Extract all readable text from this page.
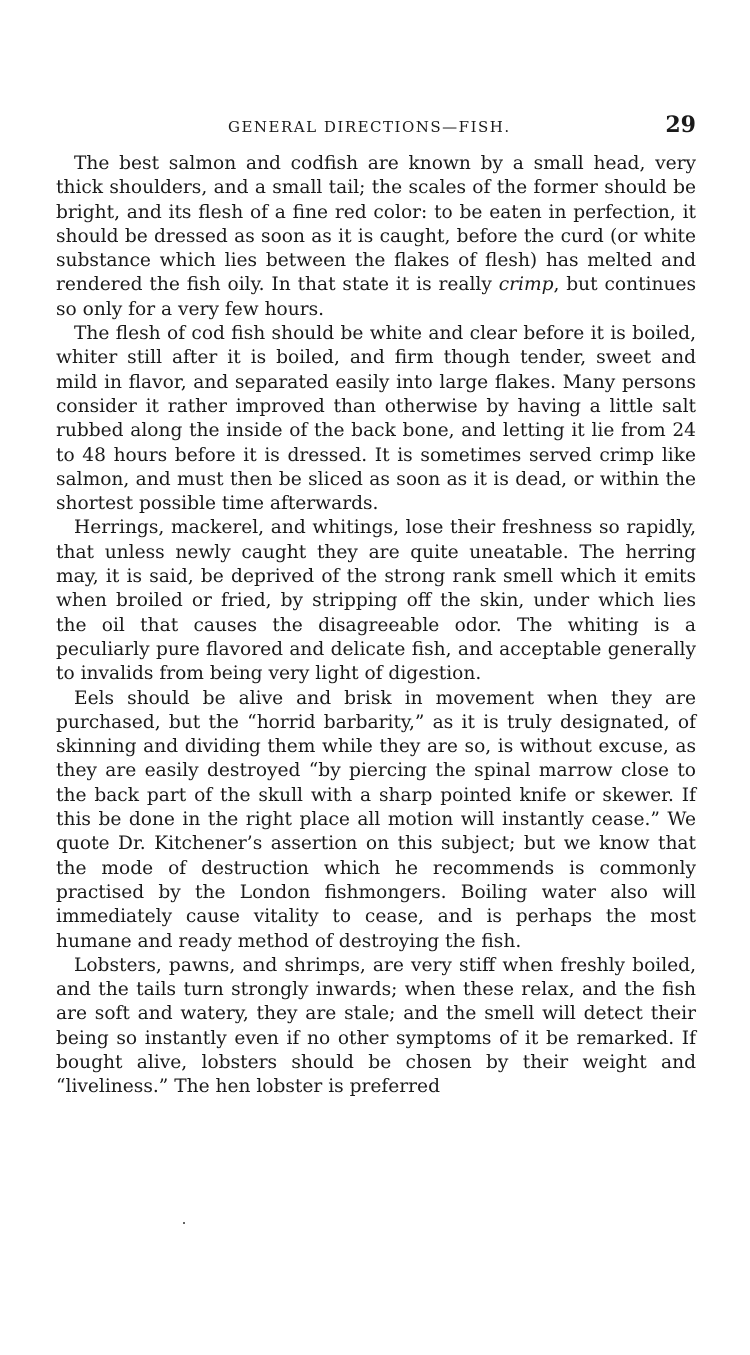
GENERAL DIRECTIONS—FISH.	29

The best salmon and codfish are known by a small head, very thick shoulders, and a small tail; the scales of the former should be bright, and its flesh of a fine red color: to be eaten in perfection, it should be dressed as soon as it is caught, before the curd (or white substance which lies between the flakes of flesh) has melted and rendered the fish oily. In that state it is really crimp, but continues so only for a very few hours.

The flesh of cod fish should be white and clear before it is boiled, whiter still after it is boiled, and firm though tender, sweet and mild in flavor, and separated easily into large flakes. Many persons consider it rather improved than otherwise by having a little salt rubbed along the inside of the back bone, and letting it lie from 24 to 48 hours before it is dressed. It is sometimes served crimp like salmon, and must then be sliced as soon as it is dead, or within the shortest possible time afterwards.

Herrings, mackerel, and whitings, lose their freshness so rapidly, that unless newly caught they are quite uneatable. The herring may, it is said, be deprived of the strong rank smell which it emits when broiled or fried, by stripping off the skin, under which lies the oil that causes the disagreeable odor. The whiting is a peculiarly pure flavored and delicate fish, and acceptable generally to invalids from being very light of digestion.

Eels should be alive and brisk in movement when they are purchased, but the “horrid barbarity,” as it is truly designated, of skinning and dividing them while they are so, is without excuse, as they are easily destroyed “by piercing the spinal marrow close to the back part of the skull with a sharp pointed knife or skewer. If this be done in the right place all motion will instantly cease.” We quote Dr. Kitchener’s assertion on this subject; but we know that the mode of destruction which he recommends is commonly practised by the London fishmongers. Boiling water also will immediately cause vitality to cease, and is perhaps the most humane and ready method of destroying the fish.

Lobsters, pawns, and shrimps, are very stiff when freshly boiled, and the tails turn strongly inwards; when these relax, and the fish are soft and watery, they are stale; and the smell will detect their being so instantly even if no other symptoms of it be remarked. If bought alive, lobsters should be chosen by their weight and “liveliness.” The hen lobster is preferred
